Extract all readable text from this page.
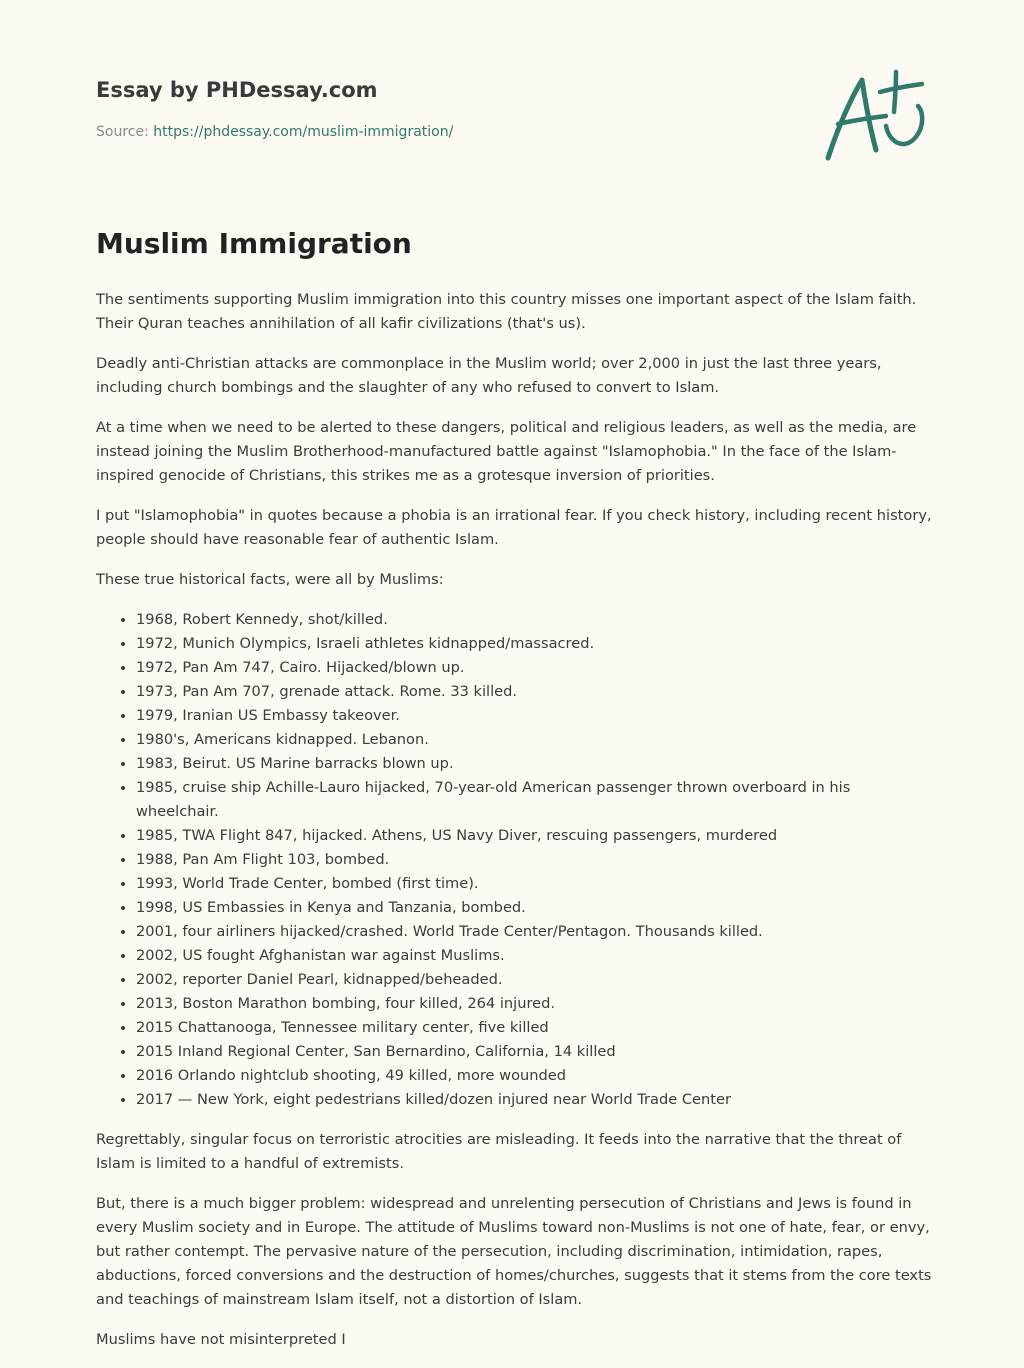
Essay by PHDessay.com
Source: https://phdessay.com/muslim-immigration/
Muslim Immigration

The sentiments supporting Muslim immigration into this country misses one important aspect of the Islam faith. Their Quran teaches annihilation of all kafir civilizations (that's us).

Deadly anti-Christian attacks are commonplace in the Muslim world; over 2,000 in just the last three years, including church bombings and the slaughter of any who refused to convert to Islam.

At a time when we need to be alerted to these dangers, political and religious leaders, as well as the media, are instead joining the Muslim Brotherhood-manufactured battle against "Islamophobia." In the face of the Islam-inspired genocide of Christians, this strikes me as a grotesque inversion of priorities.

I put "Islamophobia" in quotes because a phobia is an irrational fear. If you check history, including recent history, people should have reasonable fear of authentic Islam.

These true historical facts, were all by Muslims:

• 1968, Robert Kennedy, shot/killed.
• 1972, Munich Olympics, Israeli athletes kidnapped/massacred.
• 1972, Pan Am 747, Cairo. Hijacked/blown up.
• 1973, Pan Am 707, grenade attack. Rome. 33 killed.
• 1979, Iranian US Embassy takeover.
• 1980's, Americans kidnapped. Lebanon.
• 1983, Beirut. US Marine barracks blown up.
• 1985, cruise ship Achille-Lauro hijacked, 70-year-old American passenger thrown overboard in his wheelchair.
• 1985, TWA Flight 847, hijacked. Athens, US Navy Diver, rescuing passengers, murdered
• 1988, Pan Am Flight 103, bombed.
• 1993, World Trade Center, bombed (first time).
• 1998, US Embassies in Kenya and Tanzania, bombed.
• 2001, four airliners hijacked/crashed. World Trade Center/Pentagon. Thousands killed.
• 2002, US fought Afghanistan war against Muslims.
• 2002, reporter Daniel Pearl, kidnapped/beheaded.
• 2013, Boston Marathon bombing, four killed, 264 injured.
• 2015 Chattanooga, Tennessee military center, five killed
• 2015 Inland Regional Center, San Bernardino, California, 14 killed
• 2016 Orlando nightclub shooting, 49 killed, more wounded
• 2017 — New York, eight pedestrians killed/dozen injured near World Trade Center

Regrettably, singular focus on terroristic atrocities are misleading. It feeds into the narrative that the threat of Islam is limited to a handful of extremists.

But, there is a much bigger problem: widespread and unrelenting persecution of Christians and Jews is found in every Muslim society and in Europe. The attitude of Muslims toward non-Muslims is not one of hate, fear, or envy, but rather contempt. The pervasive nature of the persecution, including discrimination, intimidation, rapes, abductions, forced conversions and the destruction of homes/churches, suggests that it stems from the core texts and teachings of mainstream Islam itself, not a distortion of Islam.

Muslims have not misinterpreted I
